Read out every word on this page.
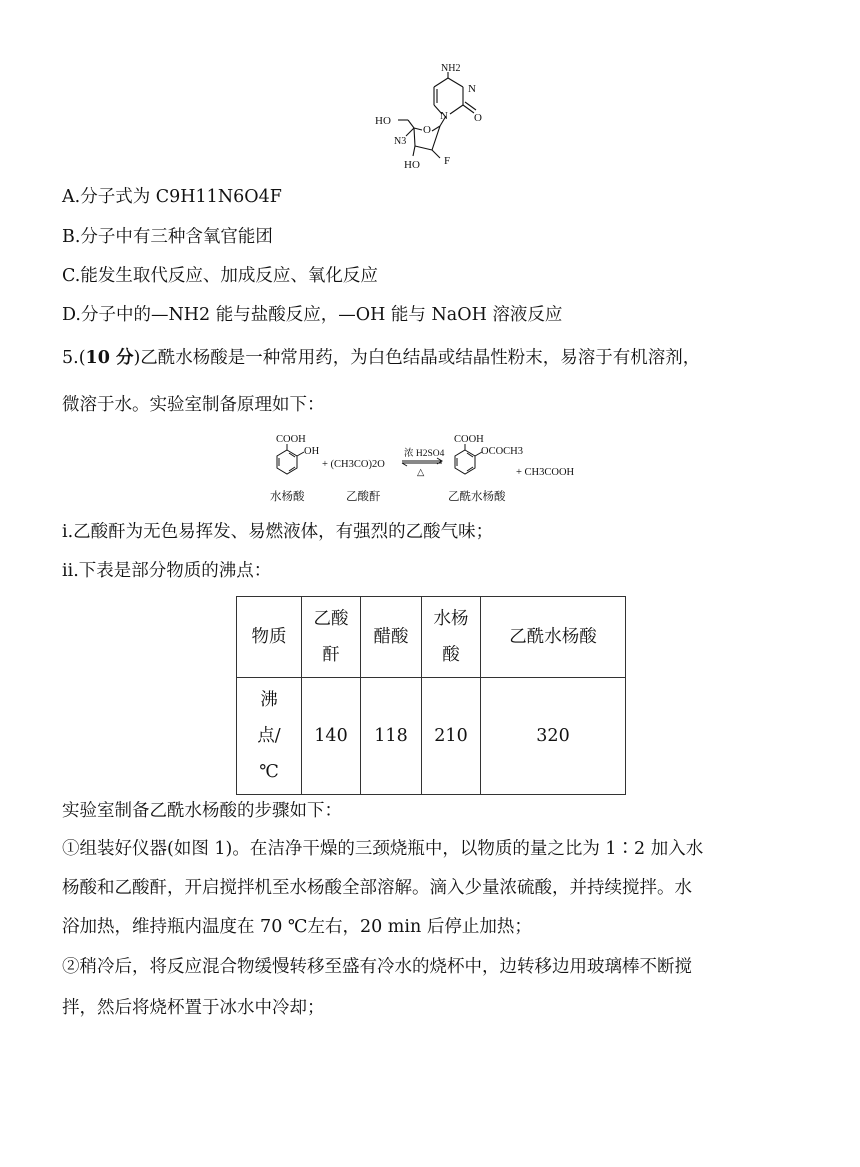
NH2
N
O
N
O
HO
N3
HO F
A.分子式为 C9H11N6O4F
B.分子中有三种含氧官能团
C.能发生取代反应、加成反应、氧化反应
D.分子中的—NH2 能与盐酸反应，—OH 能与 NaOH 溶液反应
5.(10 分)乙酰水杨酸是一种常用药，为白色结晶或结晶性粉末，易溶于有机溶剂，
微溶于水。实验室制备原理如下：
COOH
OH
+ (CH3CO)2O
浓 H2SO4
△
COOH
OCOCH3
+ CH3COOH
水杨酸	乙酸酐	乙酰水杨酸
ⅰ.乙酸酐为无色易挥发、易燃液体，有强烈的乙酸气味；
ⅱ.下表是部分物质的沸点：
物质	乙酸酐	醋酸	水杨酸	乙酰水杨酸

沸点/℃	140	118	210	320
实验室制备乙酰水杨酸的步骤如下：
①组装好仪器(如图 1)。在洁净干燥的三颈烧瓶中，以物质的量之比为 1∶2 加入水
杨酸和乙酸酐，开启搅拌机至水杨酸全部溶解。滴入少量浓硫酸，并持续搅拌。水
浴加热，维持瓶内温度在 70 ℃左右，20 min 后停止加热；
②稍冷后，将反应混合物缓慢转移至盛有冷水的烧杯中，边转移边用玻璃棒不断搅
拌，然后将烧杯置于冰水中冷却；
